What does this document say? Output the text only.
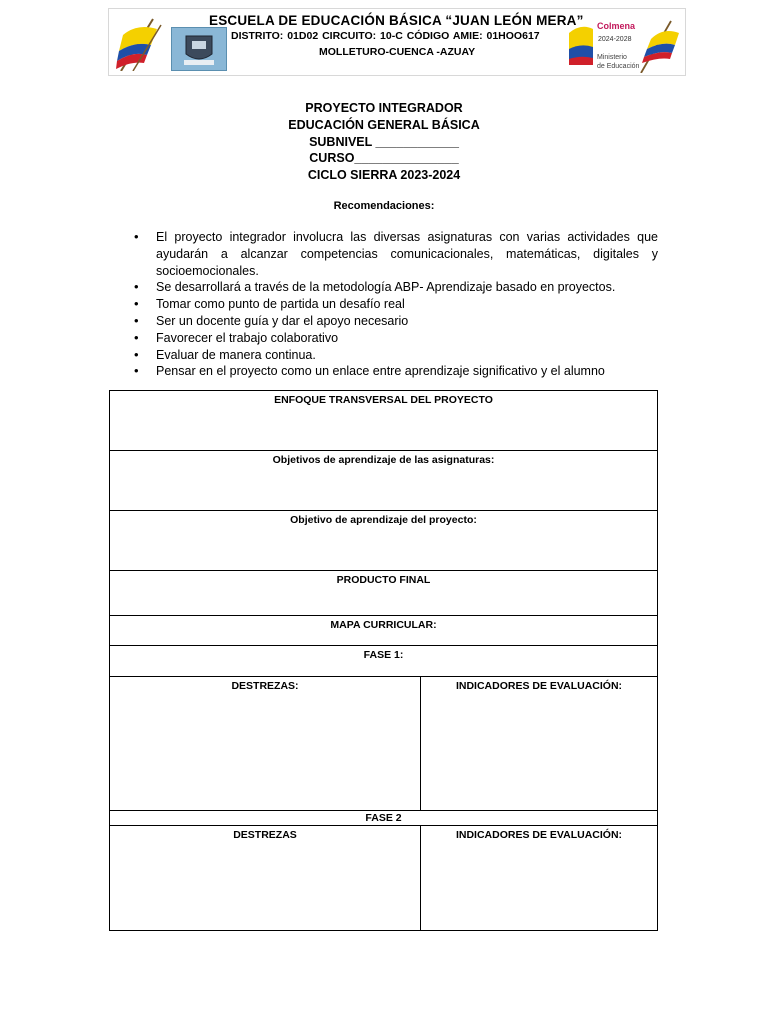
ESCUELA DE EDUCACIÓN BÁSICA “JUAN LEÓN MERA”
DISTRITO: 01D02 CIRCUITO: 10-C CÓDIGO AMIE: 01HOO617
MOLLETURO-CUENCA -AZUAY
Colmena
2024-2028
Ministerio
de Educación
PROYECTO INTEGRADOR
EDUCACIÓN GENERAL BÁSICA
SUBNIVEL ____________
CURSO_______________
CICLO SIERRA 2023-2024
Recomendaciones:
• El proyecto integrador involucra las diversas asignaturas con varias actividades que ayudarán a alcanzar competencias comunicacionales, matemáticas, digitales y socioemocionales.
• Se desarrollará a través de la metodología ABP- Aprendizaje basado en proyectos.
• Tomar como punto de partida un desafío real
• Ser un docente guía y dar el apoyo necesario
• Favorecer el trabajo colaborativo
• Evaluar de manera continua.
• Pensar en el proyecto como un enlace entre aprendizaje significativo y el alumno
ENFOQUE TRANSVERSAL DEL PROYECTO
Objetivos de aprendizaje de las asignaturas:
Objetivo de aprendizaje del proyecto:
PRODUCTO FINAL
MAPA CURRICULAR:
FASE 1:
DESTREZAS:	INDICADORES DE EVALUACIÓN:
FASE 2
DESTREZAS	INDICADORES DE EVALUACIÓN:
